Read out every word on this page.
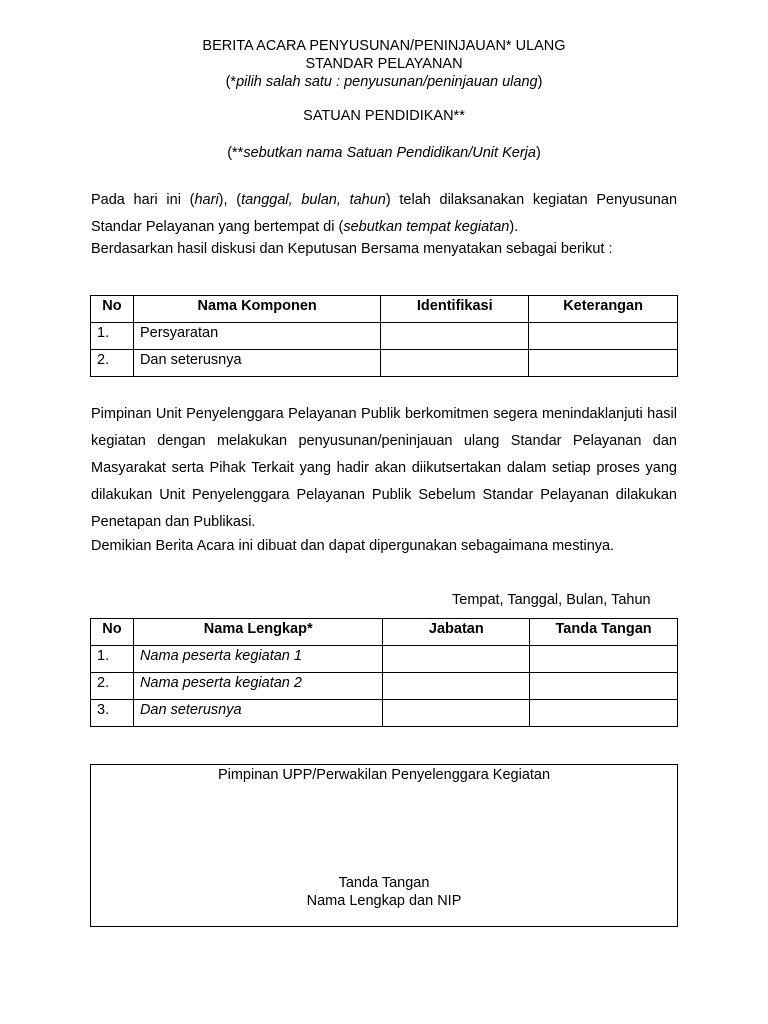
BERITA ACARA PENYUSUNAN/PENINJAUAN* ULANG
STANDAR PELAYANAN
(*pilih salah satu : penyusunan/peninjauan ulang)
SATUAN PENDIDIKAN**
(**sebutkan nama Satuan Pendidikan/Unit Kerja)
Pada hari ini (hari), (tanggal, bulan, tahun) telah dilaksanakan kegiatan Penyusunan Standar Pelayanan yang bertempat di (sebutkan tempat kegiatan).
Berdasarkan hasil diskusi dan Keputusan Bersama menyatakan sebagai berikut :
No	Nama Komponen	Identifikasi	Keterangan
1.	Persyaratan		
2.	Dan seterusnya		
Pimpinan Unit Penyelenggara Pelayanan Publik berkomitmen segera menindaklanjuti hasil kegiatan dengan melakukan penyusunan/peninjauan ulang Standar Pelayanan dan Masyarakat serta Pihak Terkait yang hadir akan diikutsertakan dalam setiap proses yang dilakukan Unit Penyelenggara Pelayanan Publik Sebelum Standar Pelayanan dilakukan Penetapan dan Publikasi.
Demikian Berita Acara ini dibuat dan dapat dipergunakan sebagaimana mestinya.
Tempat, Tanggal, Bulan, Tahun
No	Nama Lengkap*	Jabatan	Tanda Tangan
1.	Nama peserta kegiatan 1		
2.	Nama peserta kegiatan 2		
3.	Dan seterusnya		
Pimpinan UPP/Perwakilan Penyelenggara Kegiatan
Tanda Tangan
Nama Lengkap dan NIP
